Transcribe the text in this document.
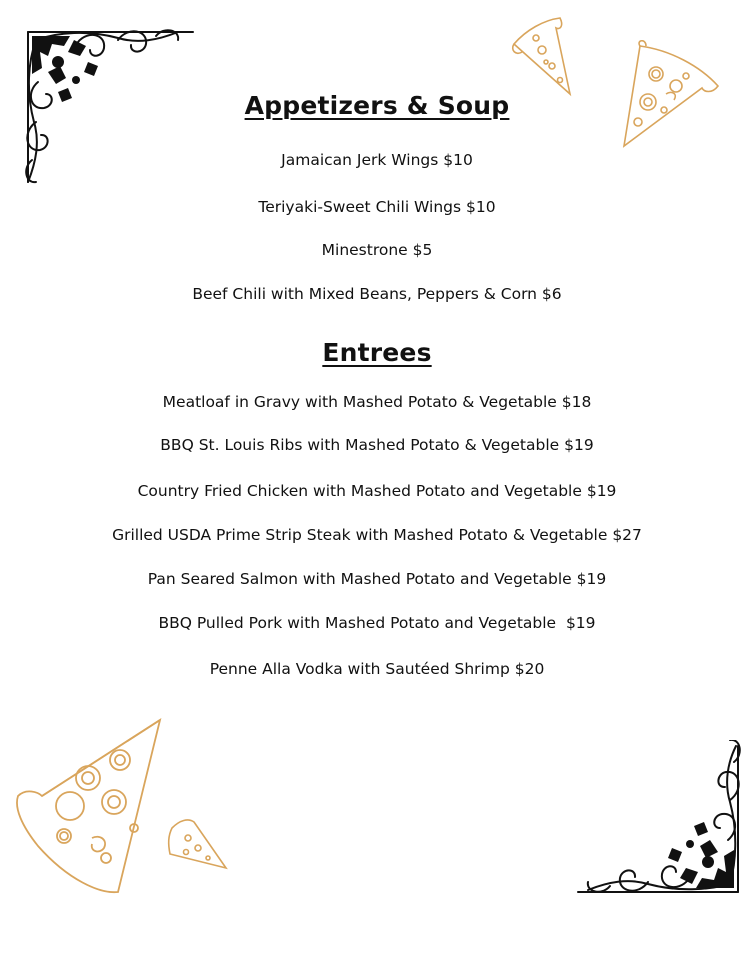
Appetizers & Soup

Jamaican Jerk Wings $10

Teriyaki-Sweet Chili Wings $10

Minestrone $5

Beef Chili with Mixed Beans, Peppers & Corn $6

Entrees

Meatloaf in Gravy with Mashed Potato & Vegetable $18

BBQ St. Louis Ribs with Mashed Potato & Vegetable $19

Country Fried Chicken with Mashed Potato and Vegetable $19

Grilled USDA Prime Strip Steak with Mashed Potato & Vegetable $27

Pan Seared Salmon with Mashed Potato and Vegetable $19

BBQ Pulled Pork with Mashed Potato and Vegetable  $19

Penne Alla Vodka with Sautéed Shrimp $20
